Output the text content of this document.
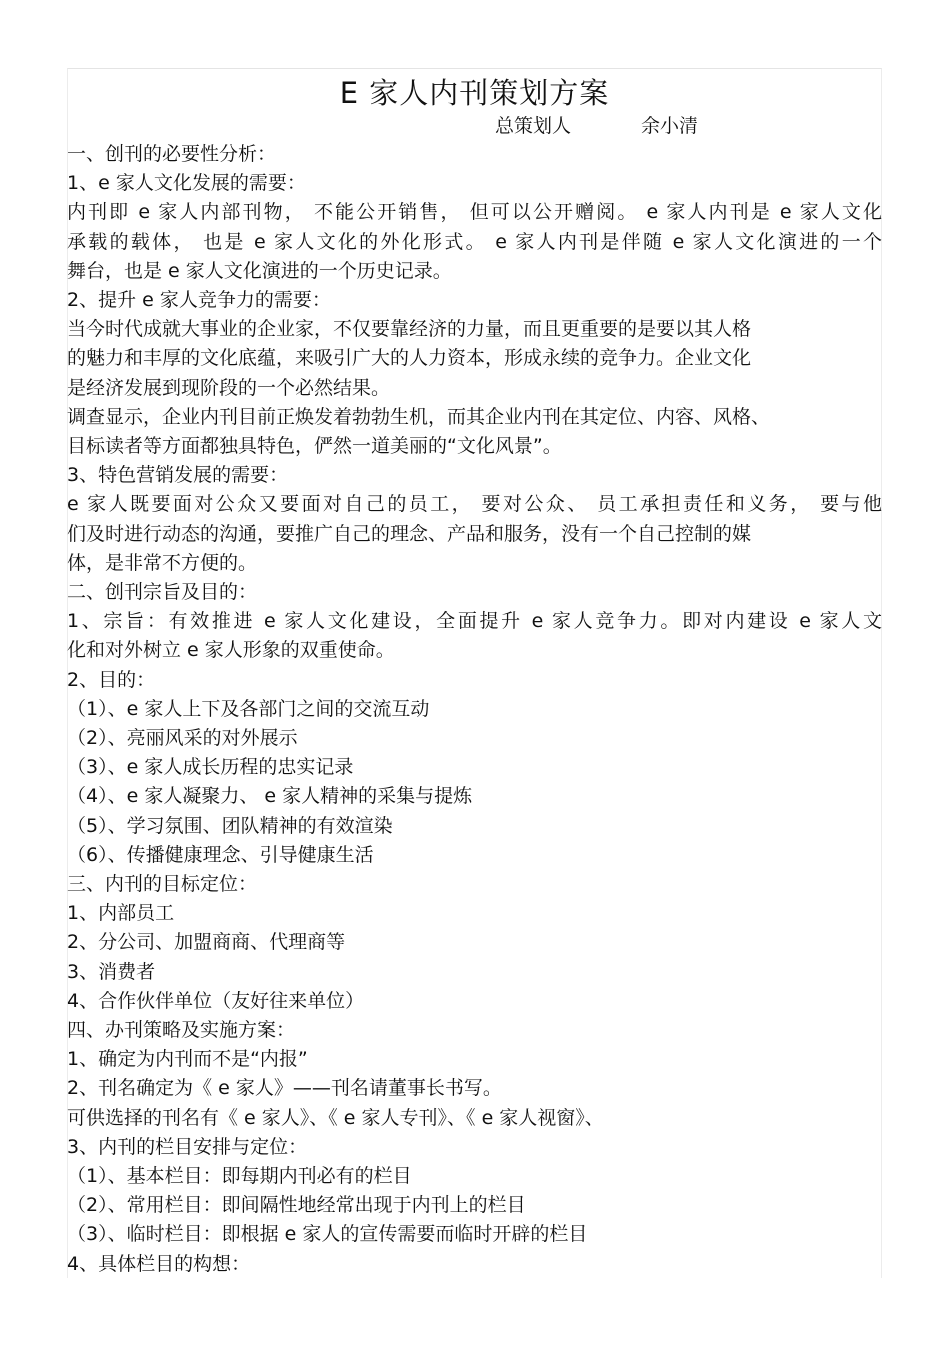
E 家人内刊策划方案
总策划人	余小清

一、创刊的必要性分析：

1、e 家人文化发展的需要：

内刊即 e 家人内部刊物， 不能公开销售， 但可以公开赠阅。 e 家人内刊是 e 家人文化

承载的载体， 也是 e 家人文化的外化形式。 e 家人内刊是伴随 e 家人文化演进的一个

舞台，也是 e 家人文化演进的一个历史记录。

2、提升 e 家人竞争力的需要：

当今时代成就大事业的企业家，不仅要靠经济的力量，而且更重要的是要以其人格

的魅力和丰厚的文化底蕴，来吸引广大的人力资本，形成永续的竞争力。企业文化

是经济发展到现阶段的一个必然结果。

调查显示，企业内刊目前正焕发着勃勃生机，而其企业内刊在其定位、内容、风格、

目标读者等方面都独具特色，俨然一道美丽的“文化风景”。

3、特色营销发展的需要：

e 家人既要面对公众又要面对自己的员工， 要对公众、 员工承担责任和义务， 要与他

们及时进行动态的沟通，要推广自己的理念、产品和服务，没有一个自己控制的媒

体，是非常不方便的。

二、创刊宗旨及目的：

1、宗旨：有效推进 e 家人文化建设，全面提升 e 家人竞争力。即对内建设 e 家人文

化和对外树立 e 家人形象的双重使命。

2、目的：

（1）、e 家人上下及各部门之间的交流互动

（2）、亮丽风采的对外展示

（3）、e 家人成长历程的忠实记录

（4）、e 家人凝聚力、 e 家人精神的采集与提炼

（5）、学习氛围、团队精神的有效渲染

（6）、传播健康理念、引导健康生活

三、内刊的目标定位：

1、内部员工

2、分公司、加盟商商、代理商等

3、消费者

4、合作伙伴单位（友好往来单位）

四、办刊策略及实施方案：

1、确定为内刊而不是“内报”

2、刊名确定为《 e 家人》——刊名请董事长书写。

可供选择的刊名有《 e 家人》、《 e 家人专刊》、《 e 家人视窗》、

3、内刊的栏目安排与定位：

（1）、基本栏目：即每期内刊必有的栏目

（2）、常用栏目：即间隔性地经常出现于内刊上的栏目

（3）、临时栏目：即根据 e 家人的宣传需要而临时开辟的栏目

4、具体栏目的构想：
